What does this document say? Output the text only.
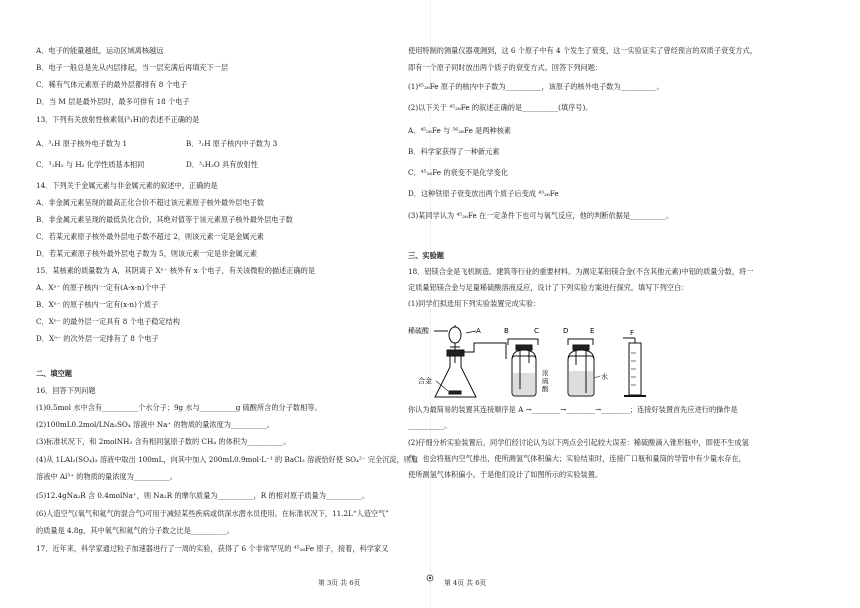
A．电子的能量越低，运动区域离核越远
B．电子一般总是先从内层排起，当一层充满后再填充下一层
C．稀有气体元素原子的最外层都排有 8 个电子
D．当 M 层是最外层时，最多可排有 18 个电子
13．下列有关放射性核素氚(³₁H)的表述不正确的是
A．³₁H 原子核外电子数为 1	B．³₁H 原子核内中子数为 3
C．³₁H₂ 与 H₂ 化学性质基本相同	D．³₁H₂O 具有放射性
14．下列关于金属元素与非金属元素的叙述中，正确的是
A．非金属元素呈现的最高正化合价不超过该元素原子核外最外层电子数
B．非金属元素呈现的最低负化合价，其绝对值等于该元素原子核外最外层电子数
C．若某元素原子核外最外层电子数不超过 2，则该元素一定是金属元素
D．若某元素原子核外最外层电子数为 5，则该元素一定是非金属元素
15．某核素的质量数为 A，其阴离子 Xⁿ⁻ 核外有 x 个电子，有关该微粒的描述正确的是
A．Xⁿ⁻ 的原子核内一定有(A-x-n)个中子
B．Xⁿ⁻ 的原子核内一定有(x-n)个质子
C．Xⁿ⁻ 的最外层一定具有 8 个电子稳定结构
D．Xⁿ⁻ 的次外层一定排有了 8 个电子
二、填空题
16．回答下列问题
(1)0.5mol 水中含有__________个水分子；9g 水与__________g 硫酸所含的分子数相等。
(2)100mL0.2mol/LNa₂SO₄ 溶液中 Na⁺ 的物质的量浓度为__________。
(3)标准状况下，和 2molNH₃ 含有相同氢原子数的 CH₄ 的体积为__________。
(4)从 1LAl₂(SO₄)₃ 溶液中取出 100mL，向其中加入 200mL0.9mol·L⁻¹ 的 BaCl₂ 溶液恰好使 SO₄²⁻ 完全沉淀，则原
溶液中 Al³⁺ 的物质的量浓度为__________。
(5)12.4gNa₂R 含 0.4molNa⁺，则 Na₂R 的摩尔质量为__________，R 的相对原子质量为__________。
(6)人造空气(氧气和氦气的混合气)可用于减轻某些疾病或供深水潜水员使用。在标准状况下，11.2L“人造空气”
的质量是 4.8g，其中氧气和氦气的分子数之比是__________。
17．近年来，科学家通过粒子加速器进行了一周的实验，获得了 6 个非常罕见的 ⁴⁵₂₆Fe 原子，接着，科学家又
使用特制的测量仪器观测到，这 6 个原子中有 4 个发生了衰变，这一实验证实了曾经预言的双质子衰变方式，
即有一个原子同时放出两个质子的衰变方式。回答下列问题：
(1)⁴⁵₂₆Fe 原子的核内中子数为__________，该原子的核外电子数为__________。
(2)以下关于 ⁴⁵₂₆Fe 的叙述正确的是__________(填序号)。
A．⁴⁵₂₆Fe 与 ⁵⁶₂₆Fe 是两种核素
B．科学家获得了一种新元素
C．⁴⁵₂₆Fe 的衰变不是化学变化
D．这种铁原子衰变放出两个质子后变成 ⁴³₂₆Fe
(3)某同学认为 ⁴⁵₂₆Fe 在一定条件下也可与氧气反应，他的判断依据是__________。
三、实验题
18．铝镁合金是飞机制造、建筑等行业的重要材料。为测定某铝镁合金(不含其他元素)中铝的质量分数，将一
定质量铝镁合金与足量稀硫酸溶液反应，设计了下列实验方案进行探究。填写下列空白：
(1)同学们拟选用下列实验装置完成实验：
稀硫酸	A
合金
B	C
浓
硫
酸
D	E
水
F
你认为最简易的装置其连接顺序是 A →________→________→________；连接好装置首先应进行的操作是
__________。
(2)仔细分析实验装置后，同学们经讨论认为以下两点会引起较大误差：稀硫酸滴入锥形瓶中，即使不生成氢
气，也会将瓶内空气排出，使所测氢气体积偏大；实验结束时，连接广口瓶和量筒的导管中有少量水存在，
使所测氢气体积偏小。于是他们设计了如图所示的实验装置。
第 3页 共 6页	第 4页 共 6页
